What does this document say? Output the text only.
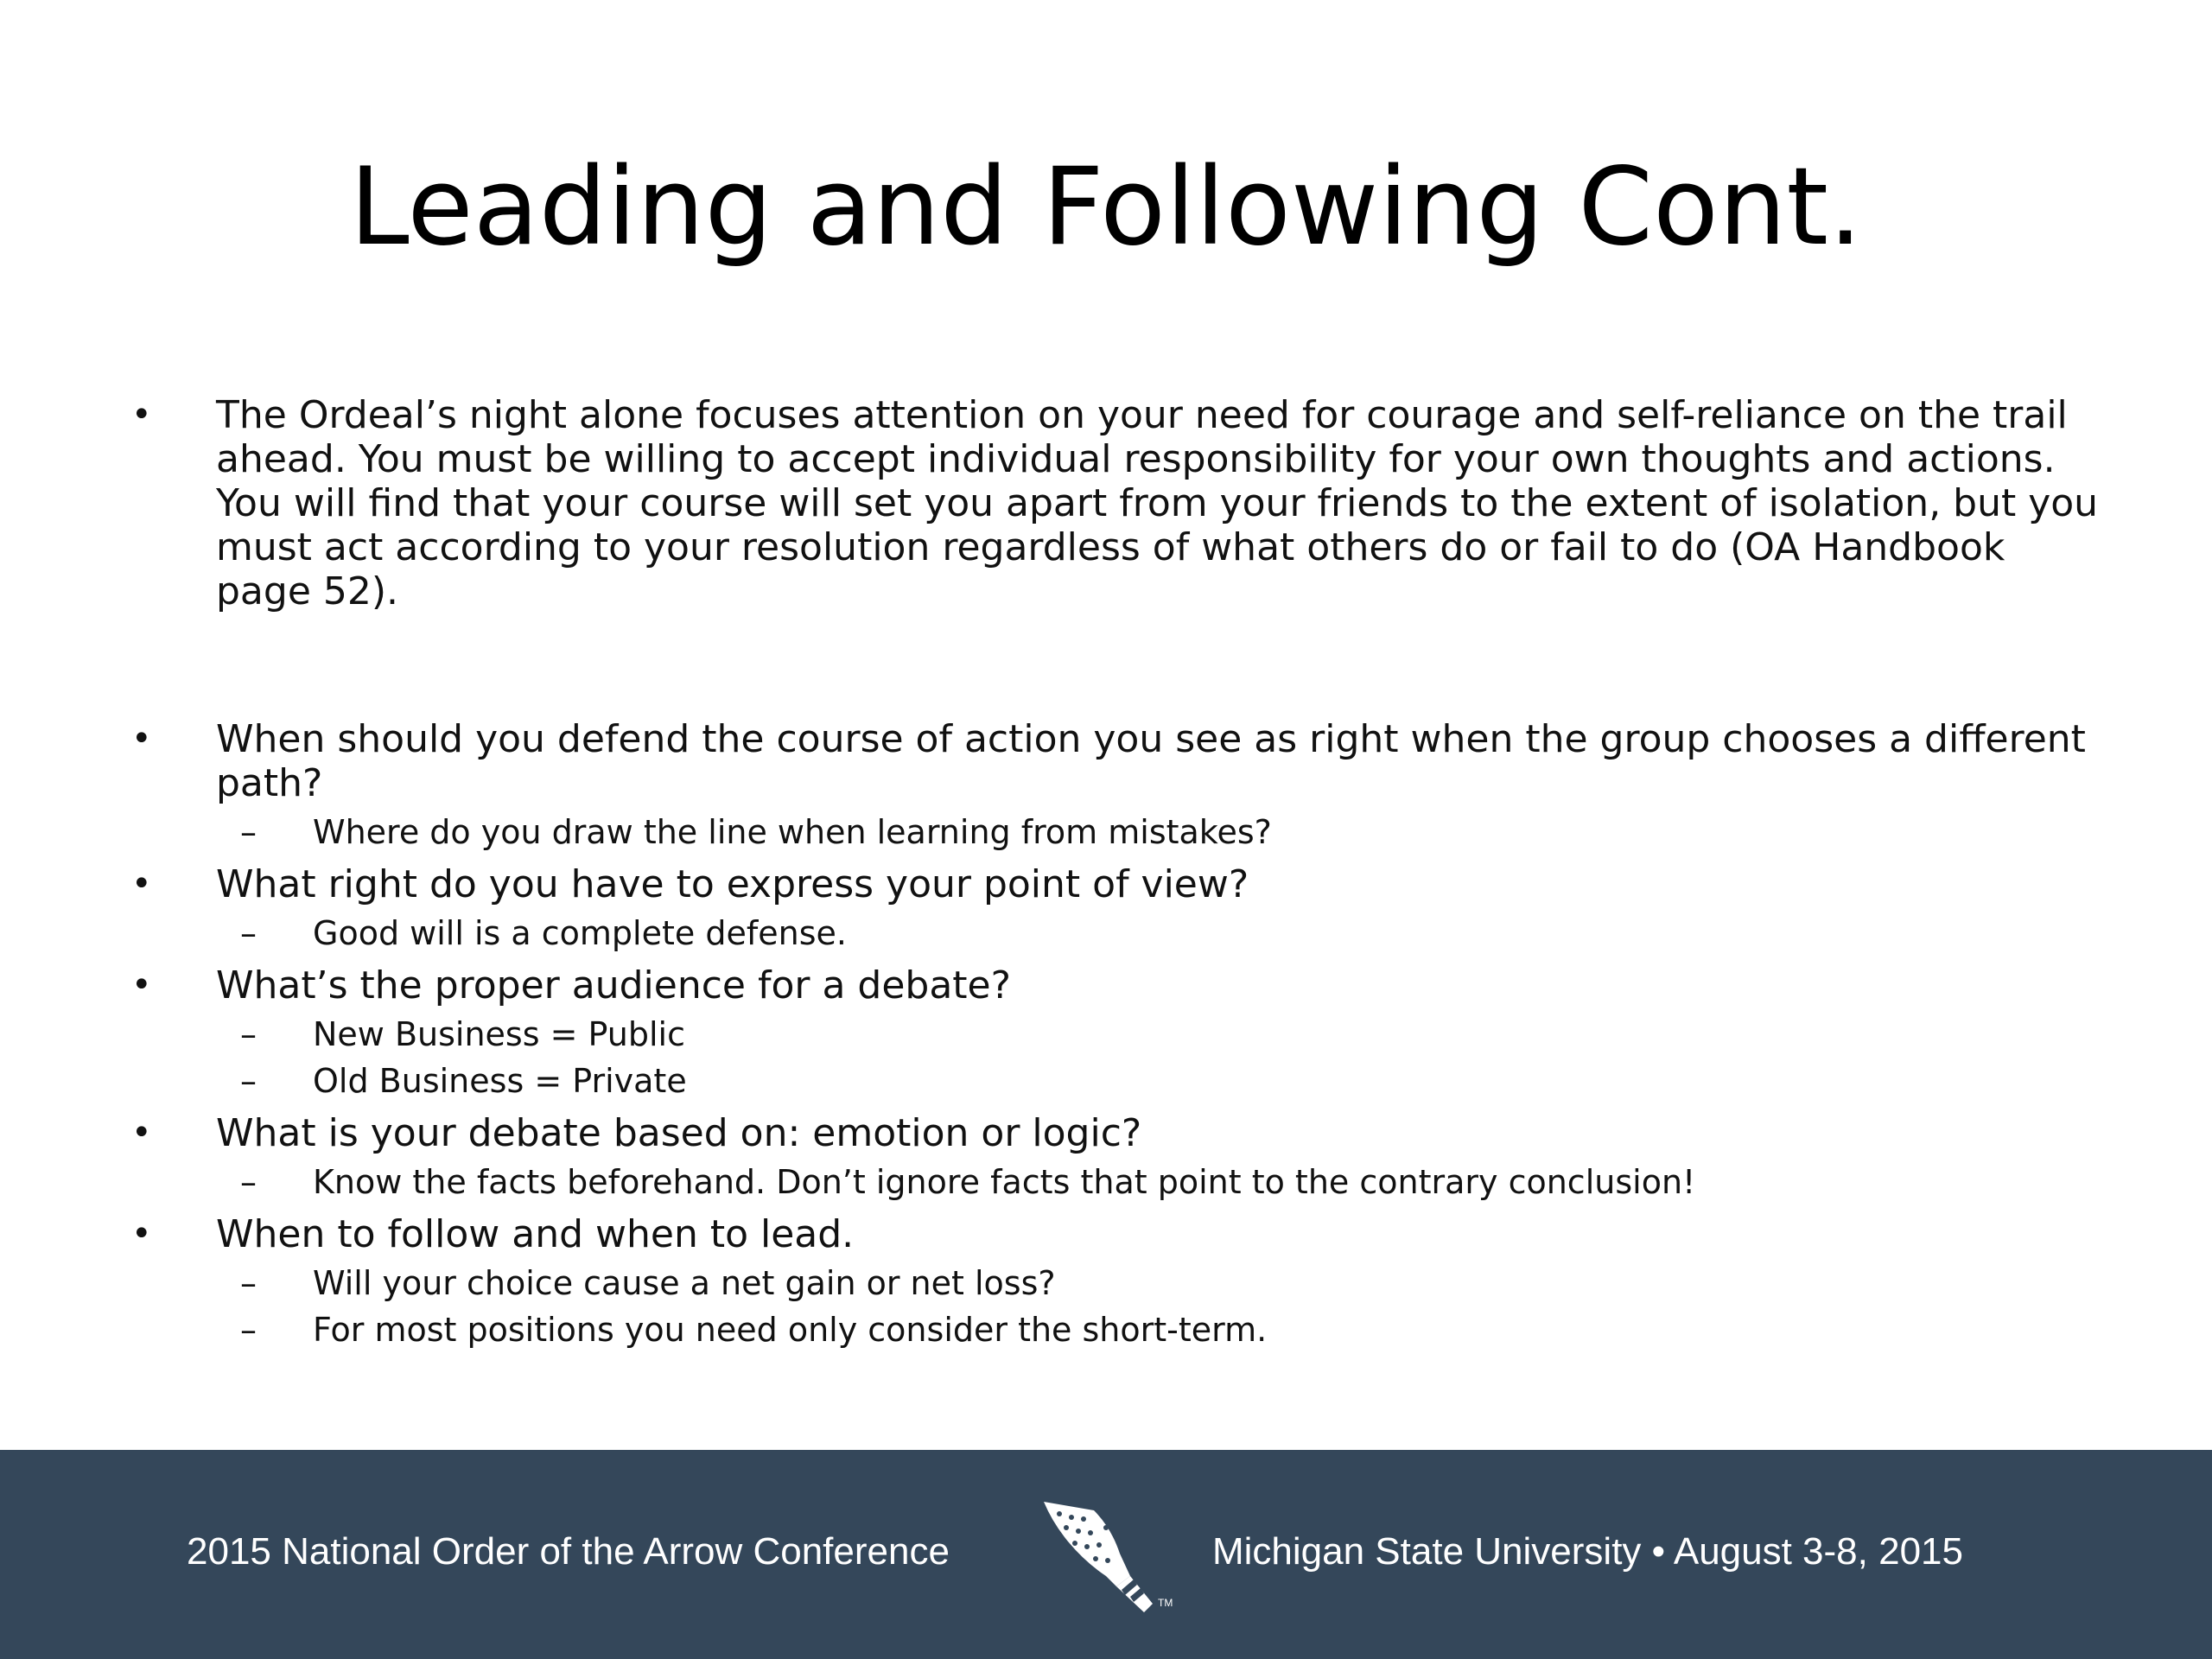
Leading and Following Cont.
• The Ordeal’s night alone focuses attention on your need for courage and self-reliance on the trail ahead. You must be willing to accept individual responsibility for your own thoughts and actions. You will find that your course will set you apart from your friends to the extent of isolation, but you must act according to your resolution regardless of what others do or fail to do (OA Handbook page 52).
• When should you defend the course of action you see as right when the group chooses a different path?
– Where do you draw the line when learning from mistakes?
• What right do you have to express your point of view?
– Good will is a complete defense.
• What’s the proper audience for a debate?
– New Business = Public
– Old Business = Private
• What is your debate based on: emotion or logic?
– Know the facts beforehand. Don’t ignore facts that point to the contrary conclusion!
• When to follow and when to lead.
– Will your choice cause a net gain or net loss?
– For most positions you need only consider the short-term.
2015 National Order of the Arrow Conference
TM
Michigan State University • August 3-8, 2015
